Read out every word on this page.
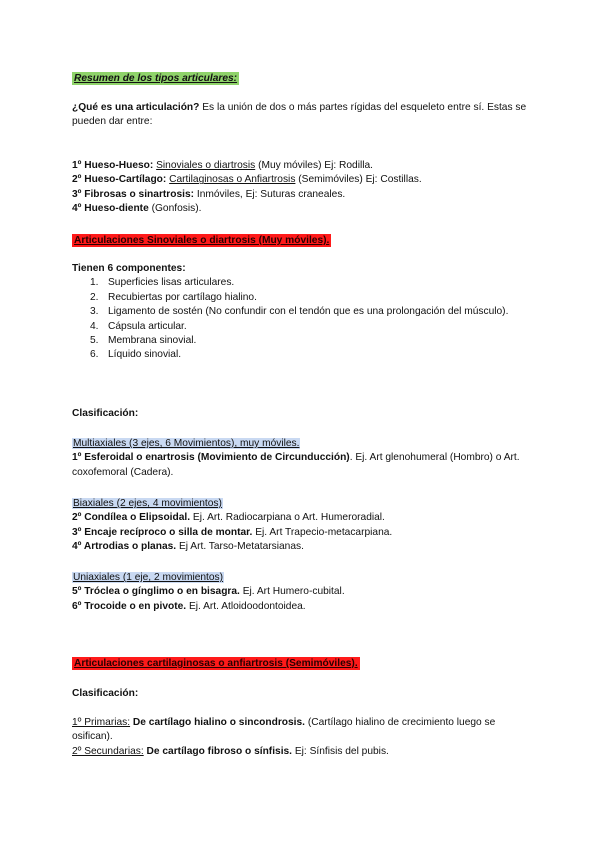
Resumen de los tipos articulares:
¿Qué es una articulación? Es la unión de dos o más partes rígidas del esqueleto entre sí. Estas se pueden dar entre:

1º Hueso-Hueso: Sinoviales o diartrosis (Muy móviles) Ej: Rodilla.

2º Hueso-Cartílago: Cartilaginosas o Anfiartrosis (Semimóviles) Ej: Costillas.

3º Fibrosas o sinartrosis: Inmóviles, Ej: Suturas craneales.

4º Hueso-diente (Gonfosis).

Articulaciones Sinoviales o diartrosis (Muy móviles).

Tienen 6 componentes:

1. Superficies lisas articulares.
2. Recubiertas por cartílago hialino.
3. Ligamento de sostén (No confundir con el tendón que es una prolongación del músculo).
4. Cápsula articular.
5. Membrana sinovial.
6. Líquido sinovial.
Clasificación:

Multiaxiales (3 ejes, 6 Movimientos), muy móviles.

1º Esferoidal o enartrosis (Movimiento de Circunducción). Ej. Art glenohumeral (Hombro) o Art. coxofemoral (Cadera).

Biaxiales (2 ejes, 4 movimientos)

2º Condílea o Elipsoidal. Ej. Art. Radiocarpiana o Art. Humeroradial.

3º Encaje recíproco o silla de montar. Ej. Art Trapecio-metacarpiana.

4º Artrodias o planas. Ej Art. Tarso-Metatarsianas.

Uniaxiales (1 eje, 2 movimientos)

5º Tróclea o gínglimo o en bisagra. Ej. Art Humero-cubital.

6º Trocoide o en pivote. Ej. Art. Atloidoodontoidea.

Articulaciones cartilaginosas o anfiartrosis (Semimóviles).
Clasificación:

1º Primarias: De cartílago hialino o sincondrosis. (Cartílago hialino de crecimiento luego se osifican).

2º Secundarias: De cartílago fibroso o sínfisis. Ej: Sínfisis del pubis.
